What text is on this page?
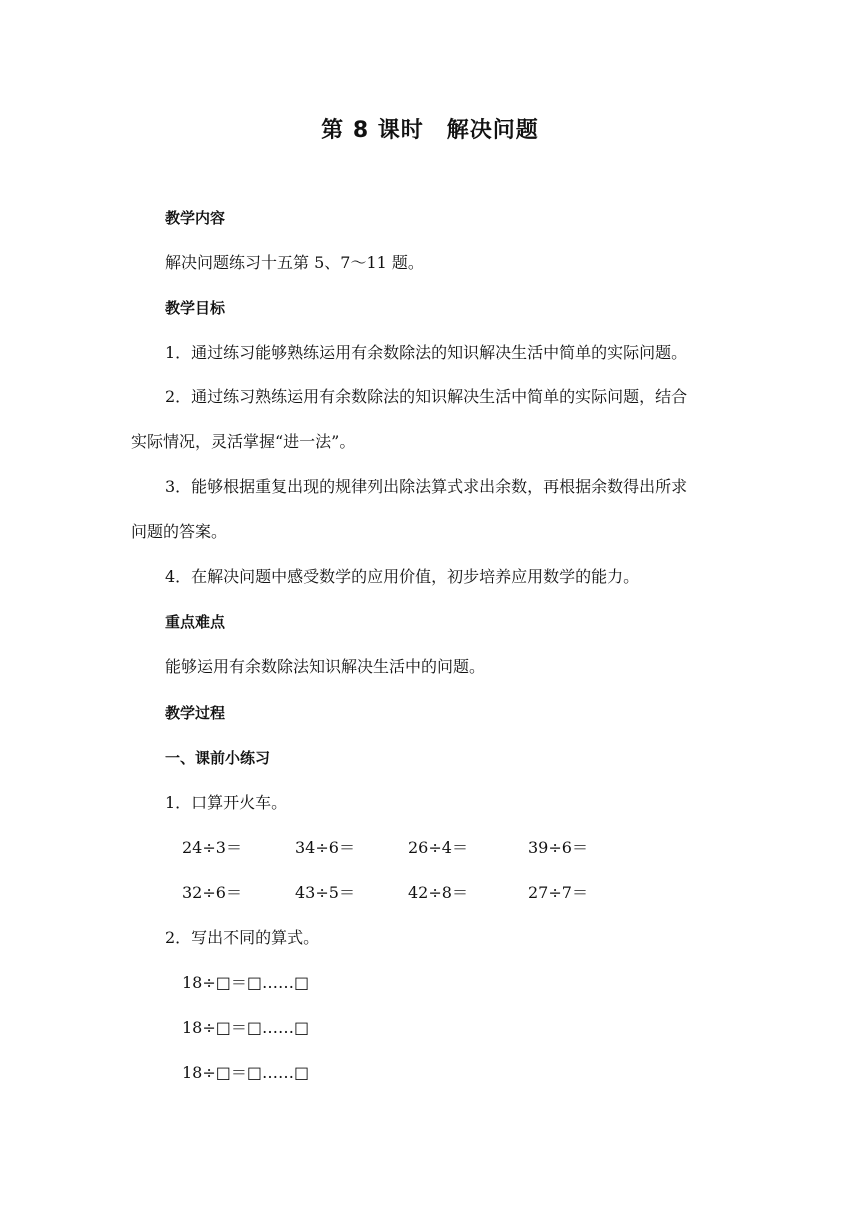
第 8 课时　解决问题
教学内容
解决问题练习十五第 5、7～11 题。
教学目标
1．通过练习能够熟练运用有余数除法的知识解决生活中简单的实际问题。
2．通过练习熟练运用有余数除法的知识解决生活中简单的实际问题，结合
实际情况，灵活掌握“进一法”。
3．能够根据重复出现的规律列出除法算式求出余数，再根据余数得出所求
问题的答案。
4．在解决问题中感受数学的应用价值，初步培养应用数学的能力。
重点难点
能够运用有余数除法知识解决生活中的问题。
教学过程
一、课前小练习
1．口算开火车。
24÷3＝	34÷6＝	26÷4＝	39÷6＝
32÷6＝	43÷5＝	42÷8＝	27÷7＝
2．写出不同的算式。
18÷□＝□……□
18÷□＝□……□
18÷□＝□……□
